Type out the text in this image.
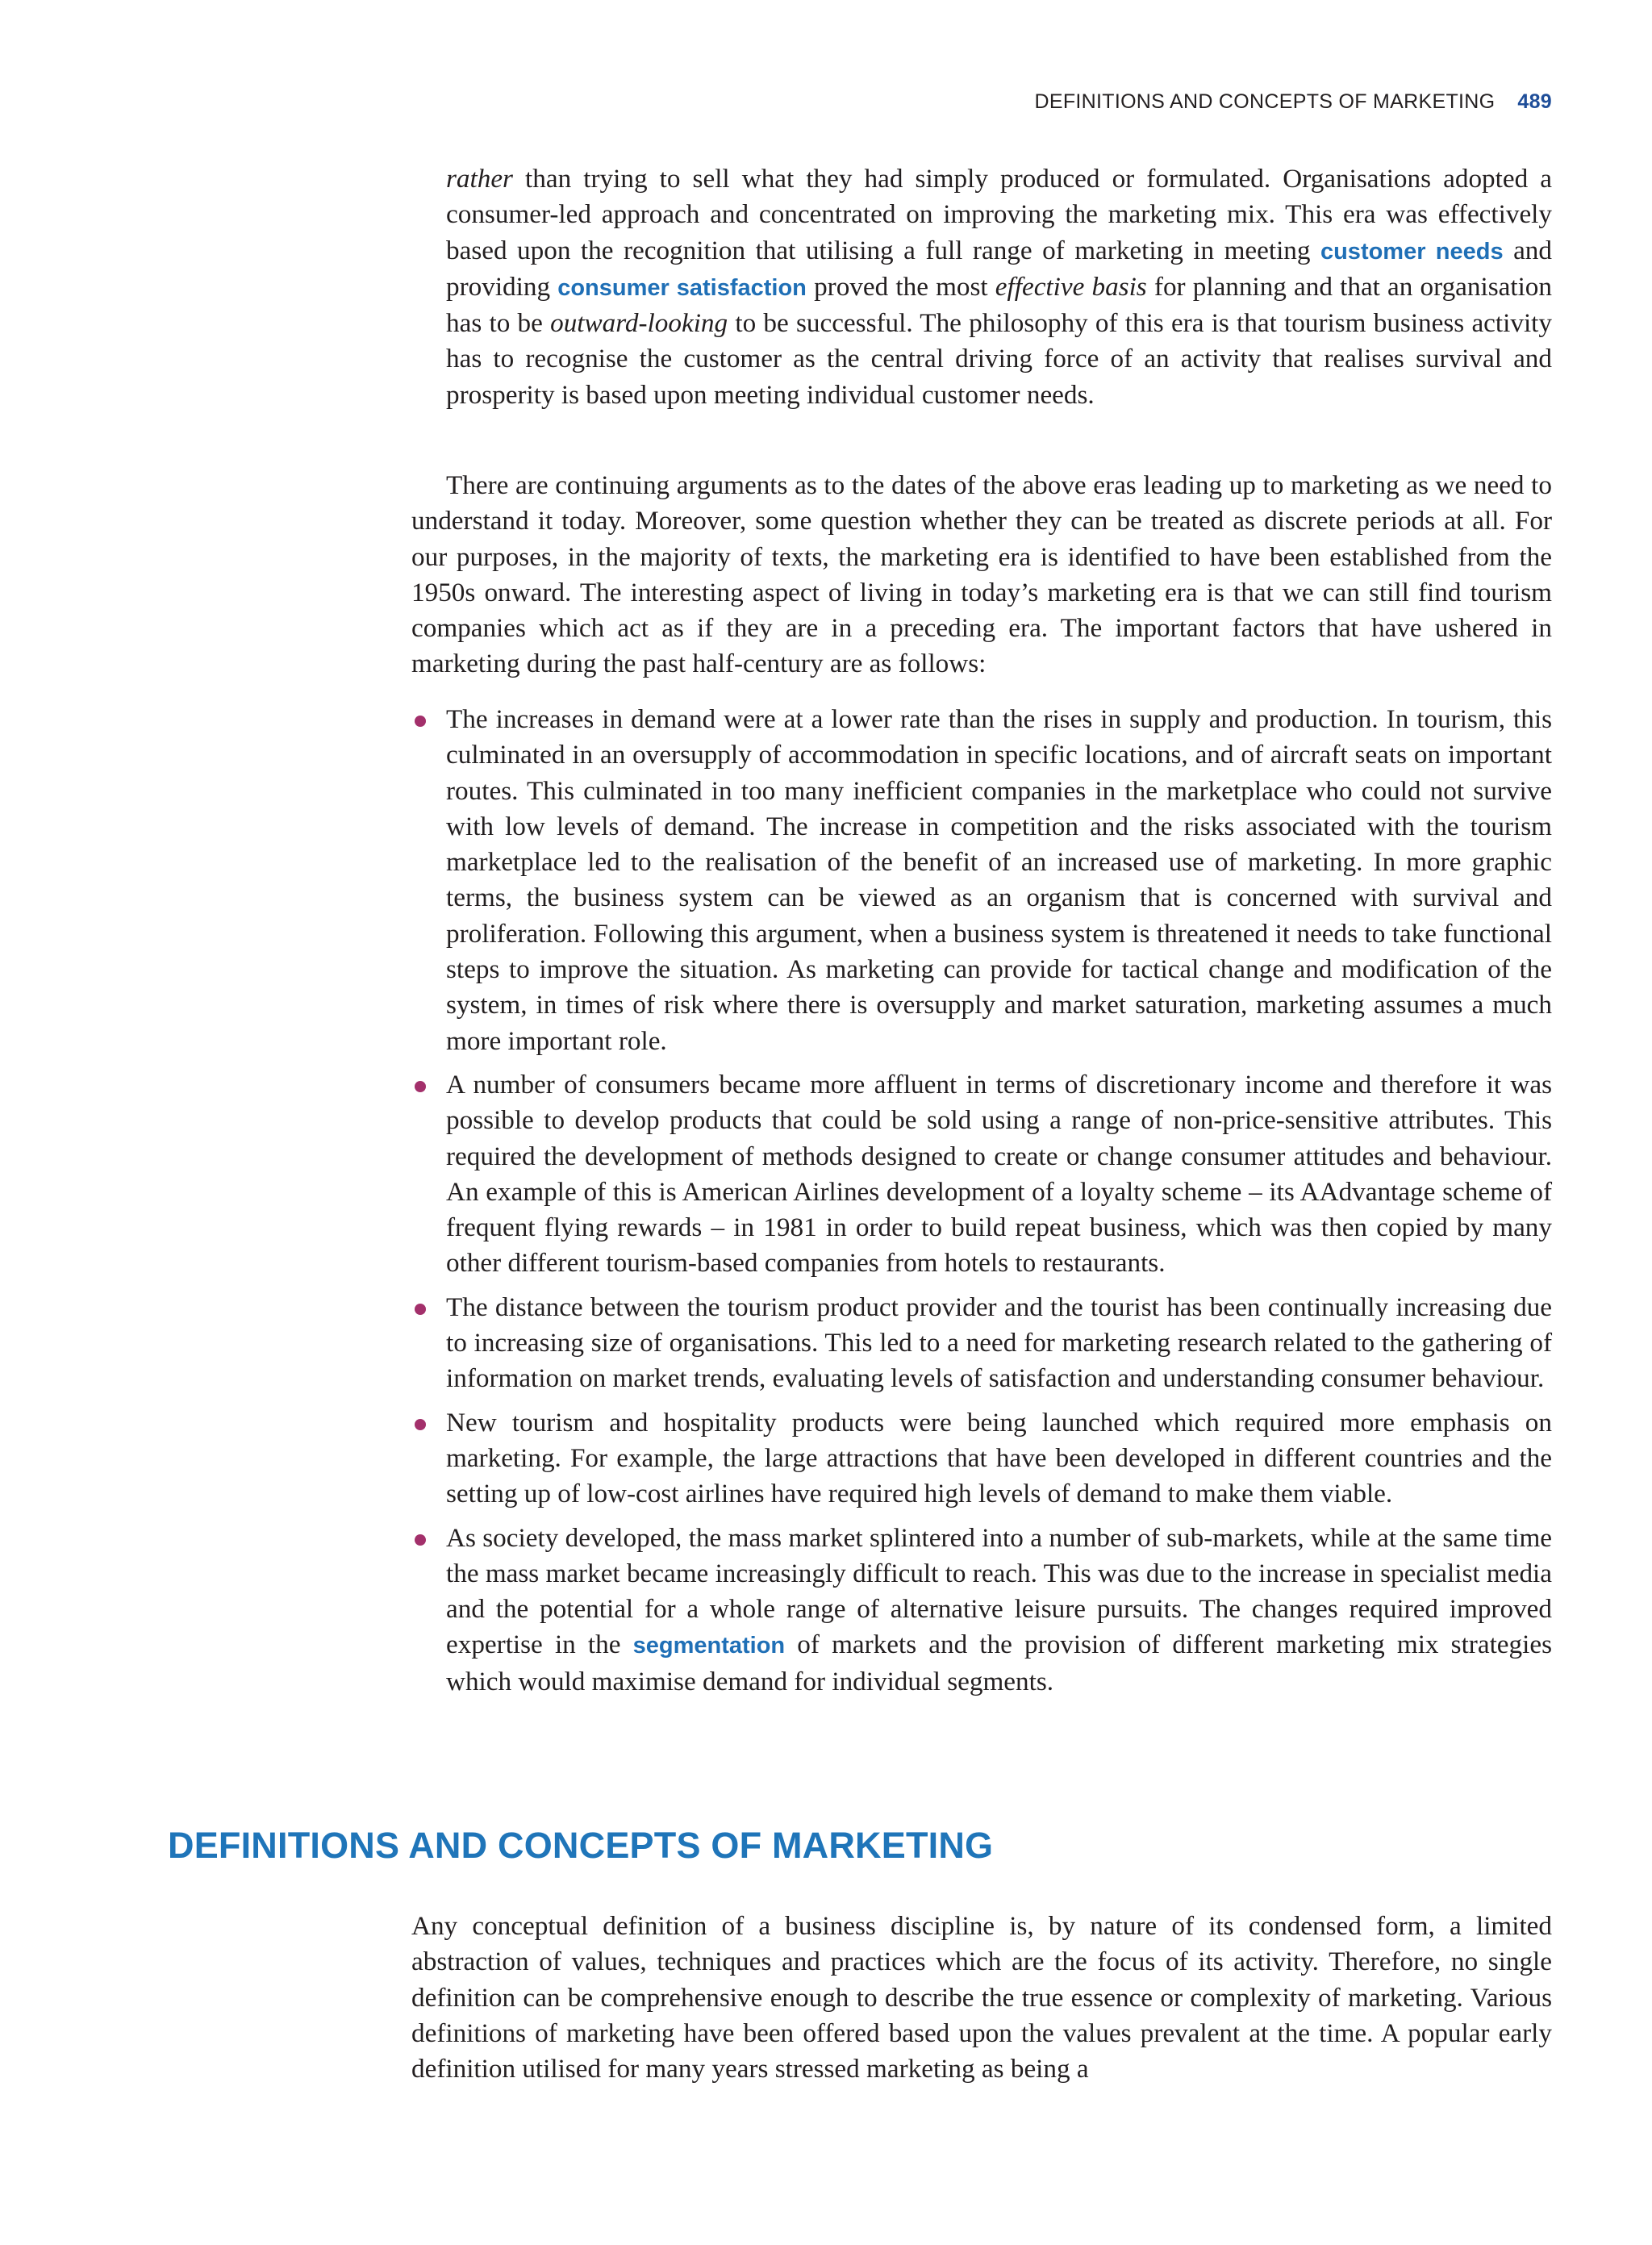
DEFINITIONS AND CONCEPTS OF MARKETING 489

rather than trying to sell what they had simply produced or formulated. Organisations adopted a consumer-led approach and concentrated on improving the marketing mix. This era was effectively based upon the recognition that utilising a full range of marketing in meeting customer needs and providing consumer satisfaction proved the most effective basis for planning and that an organisation has to be outward-looking to be successful. The philosophy of this era is that tourism business activity has to recognise the customer as the central driving force of an activity that realises survival and prosperity is based upon meeting individual customer needs.

There are continuing arguments as to the dates of the above eras leading up to marketing as we need to understand it today. Moreover, some question whether they can be treated as discrete periods at all. For our purposes, in the majority of texts, the marketing era is identified to have been established from the 1950s onward. The interesting aspect of living in today’s marketing era is that we can still find tourism companies which act as if they are in a preceding era. The important factors that have ushered in marketing during the past half-century are as follows:

The increases in demand were at a lower rate than the rises in supply and production. In tourism, this culminated in an oversupply of accommodation in specific locations, and of aircraft seats on important routes. This culminated in too many inefficient companies in the marketplace who could not survive with low levels of demand. The increase in competition and the risks associated with the tourism marketplace led to the realisation of the benefit of an increased use of marketing. In more graphic terms, the business system can be viewed as an organism that is concerned with survival and proliferation. Following this argument, when a business system is threatened it needs to take functional steps to improve the situation. As marketing can provide for tactical change and modification of the system, in times of risk where there is oversupply and market saturation, marketing assumes a much more important role.
A number of consumers became more affluent in terms of discretionary income and therefore it was possible to develop products that could be sold using a range of non-price-sensitive attributes. This required the development of methods designed to create or change consumer attitudes and behaviour. An example of this is American Airlines development of a loyalty scheme – its AAdvantage scheme of frequent flying rewards – in 1981 in order to build repeat business, which was then copied by many other different tourism-based companies from hotels to restaurants.
The distance between the tourism product provider and the tourist has been continually increasing due to increasing size of organisations. This led to a need for marketing research related to the gathering of information on market trends, evaluating levels of satisfaction and understanding consumer behaviour.
New tourism and hospitality products were being launched which required more emphasis on marketing. For example, the large attractions that have been developed in different countries and the setting up of low-cost airlines have required high levels of demand to make them viable.
As society developed, the mass market splintered into a number of sub-markets, while at the same time the mass market became increasingly difficult to reach. This was due to the increase in specialist media and the potential for a whole range of alternative leisure pursuits. The changes required improved expertise in the segmentation of markets and the provision of different marketing mix strategies which would maximise demand for individual segments.
DEFINITIONS AND CONCEPTS OF MARKETING

Any conceptual definition of a business discipline is, by nature of its condensed form, a limited abstraction of values, techniques and practices which are the focus of its activity. Therefore, no single definition can be comprehensive enough to describe the true essence or complexity of marketing. Various definitions of marketing have been offered based upon the values prevalent at the time. A popular early definition utilised for many years stressed marketing as being a
